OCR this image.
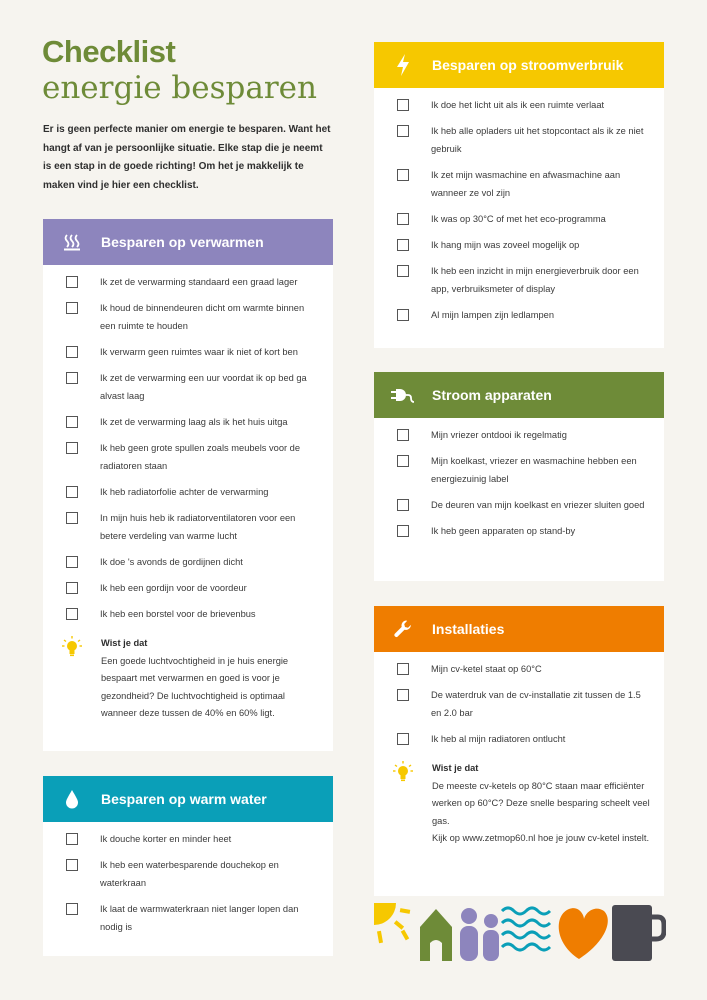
Checklist
energie besparen
Er is geen perfecte manier om energie te besparen. Want het hangt af van je persoonlijke situatie. Elke stap die je neemt is een stap in de goede richting! Om het je makkelijk te maken vind je hier een checklist.
Besparen op verwarmen
Ik zet de verwarming standaard een graad lager
Ik houd de binnendeuren dicht om warmte binnen een ruimte te houden
Ik verwarm geen ruimtes waar ik niet of kort ben
Ik zet de verwarming een uur voordat ik op bed ga alvast laag
Ik zet de verwarming laag als ik het huis uitga
Ik heb geen grote spullen zoals meubels voor de radiatoren staan
Ik heb radiatorfolie achter de verwarming
In mijn huis heb ik radiatorventilatoren voor een betere verdeling van warme lucht
Ik doe 's avonds de gordijnen dicht
Ik heb een gordijn voor de voordeur
Ik heb een borstel voor de brievenbus
Wist je dat
Een goede luchtvochtigheid in je huis energie bespaart met verwarmen en goed is voor je gezondheid? De luchtvochtigheid is optimaal wanneer deze tussen de 40% en 60% ligt.
Besparen op warm water
Ik douche korter en minder heet
Ik heb een waterbesparende douchekop en waterkraan
Ik laat de warmwaterkraan niet langer lopen dan nodig is
Besparen op stroomverbruik
Ik doe het licht uit als ik een ruimte verlaat
Ik heb alle opladers uit het stopcontact als ik ze niet gebruik
Ik zet mijn wasmachine en afwasmachine aan wanneer ze vol zijn
Ik was op 30°C of met het eco-programma
Ik hang mijn was zoveel mogelijk op
Ik heb een inzicht in mijn energieverbruik door een app, verbruiksmeter of display
Al mijn lampen zijn ledlampen
Stroom apparaten
Mijn vriezer ontdooi ik regelmatig
Mijn koelkast, vriezer en wasmachine hebben een energiezuinig label
De deuren van mijn koelkast en vriezer sluiten goed
Ik heb geen apparaten op stand-by
Installaties
Mijn cv-ketel staat op 60°C
De waterdruk van de cv-installatie zit tussen de 1.5 en 2.0 bar
Ik heb al mijn radiatoren ontlucht
Wist je dat
De meeste cv-ketels op 80°C staan maar efficiënter werken op 60°C? Deze snelle besparing scheelt veel gas.
Kijk op www.zetmop60.nl hoe je jouw cv-ketel instelt.
